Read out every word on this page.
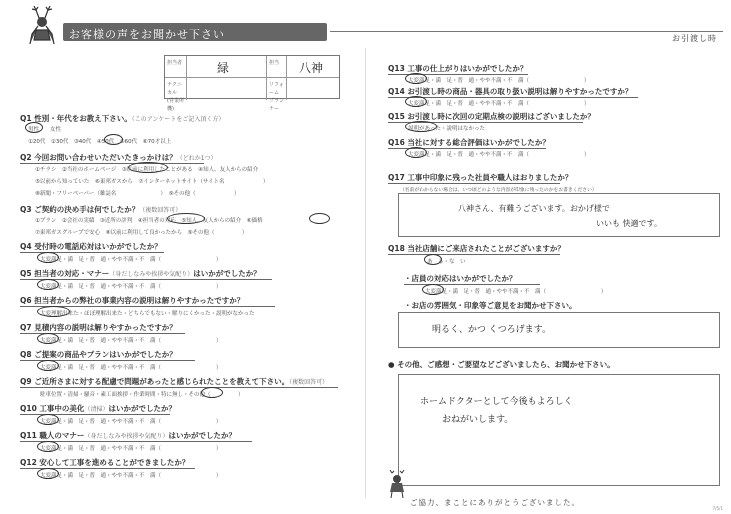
お客様の声をお聞かせ下さい	お引渡し時
担当者	担当
ナクニカル
(営業所機)
リフォーム
プランナー
緑	八神
Q1 性別・年代をお教え下さい。（このアンケートをご記入頂く方）
男性　　女性
①20代　②30代　③40代　④50代　⑤60代　⑥70才以上
Q2 今回お問い合わせいただいたきっかけは？（どれか1つ）
①チラシ　②当社のホームページ　③以前に利用したことがある　④知人、友人からの紹介
⑤以前から知っていた　⑥東邦ガスから　⑦インターネットサイト（サイト名　　　　　　　）
⑧新聞・フリーペーパー（雑誌名　　　　　　　　）　⑨その他（　　　　　　　）
Q3 ご契約の決め手は何でしたか？（複数回答可）
①プラン　②会社の実績　③近所の評判　④担当者の対応　⑤知人、友人からの紹介　⑥価格
⑦東邦ガスグループで安心　⑧以前に利用して良かったから　⑨その他（　　　　　）
Q4 受付時の電話応対はいかがでしたか？
大変満足・満　足・普　通・やや不満・不　満（　　　　　　　　　　）
Q5 担当者の対応・マナー（身だしなみや挨拶や気配り）はいかがでしたか？
大変満足・満　足・普　通・やや不満・不　満（　　　　　　　　　　）
Q6 担当者からの弊社の事業内容の説明は解りやすかったですか？
大変理解出来た・ほぼ理解出来た・どちらでもない・解りにくかった・説明がなかった
Q7 見積内容の説明は解りやすかったですか？
大変満足・満　足・普　通・やや不満・不　満（　　　　　　　　　　）
Q8 ご提案の商品やプランはいかがでしたか？
大変満足・満　足・普　通・やや不満・不　満（　　　　　　　　　　）
Q9 ご近所さまに対する配慮で問題があったと感じられたことを教えて下さい。（複数回答可）
駐車位置・清掃・騒音・素工面挨拶・作業時間・特に無し・その他（　　　　　）
Q10 工事中の美化（清掃）はいかがでしたか？
大変満足・満　足・普　通・やや不満・不　満（　　　　　　　　　　）
Q11 職人のマナー（身だしなみや挨拶や気配り）はいかがでしたか？
大変満足・満　足・普　通・やや不満・不　満（　　　　　　　　　　）
Q12 安心して工事を進めることができましたか？
大変満足・満　足・普　通・やや不満・不　満（　　　　　　　　　　）
Q13 工事の仕上がりはいかがでしたか？
大変満足・満　足・普　通・やや不満・不　満（　　　　　　　　　　）
Q14 お引渡し時の商品・器具の取り扱い説明は解りやすかったですか？
大変満足・満　足・普　通・やや不満・不　満（　　　　　　　　　　）
Q15 お引渡し時に次回の定期点検の説明はございましたか？
説明があった・説明はなかった
Q16 当社に対する総合評価はいかがでしたか？
大変満足・満　足・普　通・やや不満・不　満（　　　　　　　　　　）
Q17 工事中印象に残った社員や職人はおりましたか？
（名前がわからない場合は、いつ頃どのような内容が印象に残ったのかをお書きください）
八神さん、有難うございます。おかげ様で
いいも 快適です。
Q18 当社店舗にご来店されたことがございますか？
あ　る・な　い
・店員の対応はいかがでしたか？
大変満足・満　足・普　通・やや不満・不　満（　　　　　　　　　　）
・お店の雰囲気・印象等ご意見をお聞かせ下さい。
明るく、かつ くつろげます。
● その他、ご感想・ご要望などございましたら、お聞かせ下さい。
ホームドクターとして今後もよろしく
おねがいします。
ご協力、まことにありがとうございました。
7/5/1
